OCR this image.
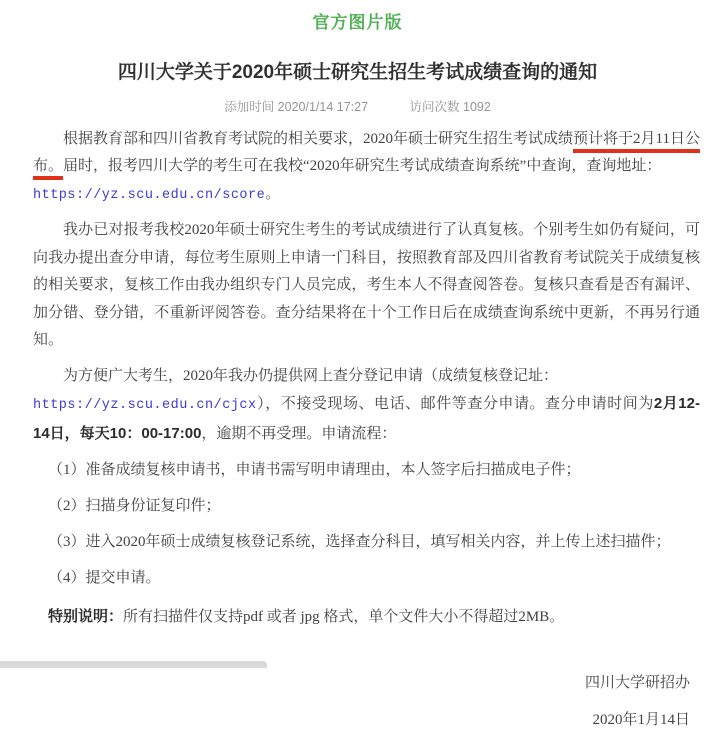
官方图片版
四川大学关于2020年硕士研究生招生考试成绩查询的通知
添加时间 2020/1/14 17:27	访问次数 1092

根据教育部和四川省教育考试院的相关要求，2020年硕士研究生招生考试成绩预计将于2月11日公布。届时，报考四川大学的考生可在我校“2020年研究生考试成绩查询系统”中查询，查询地址：
https://yz.scu.edu.cn/score。

我办已对报考我校2020年硕士研究生考生的考试成绩进行了认真复核。个别考生如仍有疑问，可向我办提出查分申请，每位考生原则上申请一门科目，按照教育部及四川省教育考试院关于成绩复核的相关要求，复核工作由我办组织专门人员完成，考生本人不得查阅答卷。复核只查看是否有漏评、加分错、登分错，不重新评阅答卷。查分结果将在十个工作日后在成绩查询系统中更新，不再另行通知。

为方便广大考生，2020年我办仍提供网上查分登记申请（成绩复核登记址：
https://yz.scu.edu.cn/cjcx），不接受现场、电话、邮件等查分申请。查分申请时间为2月12-14日，每天10：00-17:00，逾期不再受理。申请流程：

（1）准备成绩复核申请书，申请书需写明申请理由，本人签字后扫描成电子件；

（2）扫描身份证复印件；

（3）进入2020年硕士成绩复核登记系统，选择查分科目，填写相关内容，并上传上述扫描件；

（4）提交申请。

特别说明：所有扫描件仅支持pdf 或者 jpg 格式，单个文件大小不得超过2MB。

四川大学研招办

2020年1月14日
